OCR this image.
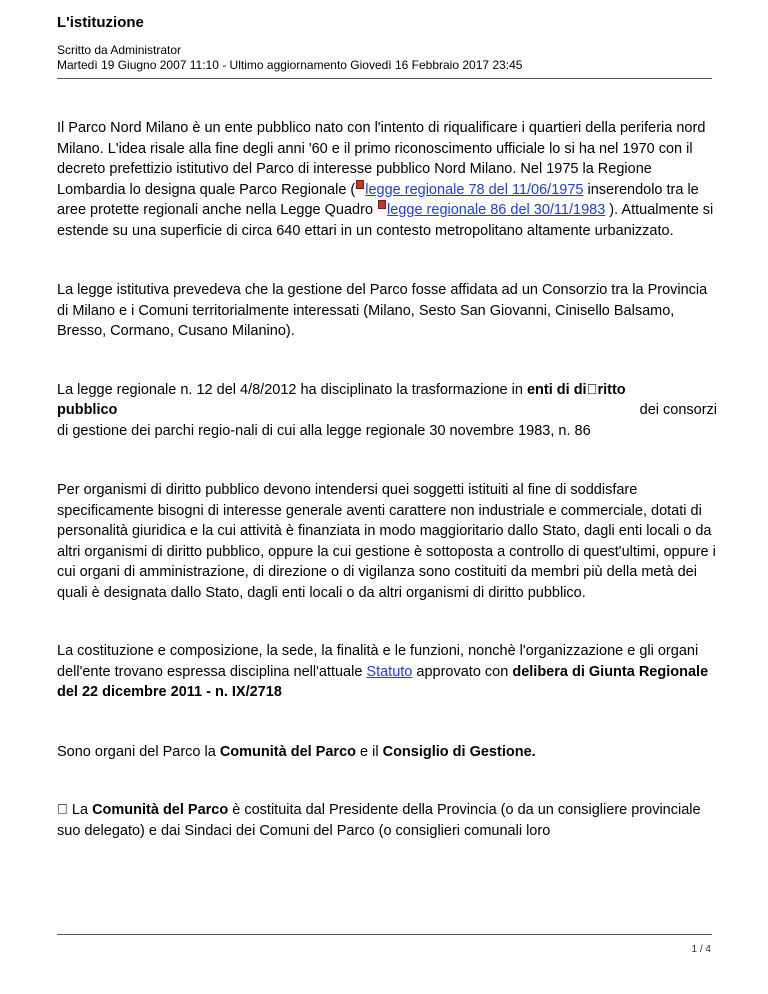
L'istituzione
Scritto da Administrator
Martedì 19 Giugno 2007 11:10 - Ultimo aggiornamento Giovedì 16 Febbraio 2017 23:45

Il Parco Nord Milano è un ente pubblico nato con l'intento di riqualificare i quartieri della periferia nord Milano. L'idea risale alla fine degli anni '60 e il primo riconoscimento ufficiale lo si ha nel 1970 con il decreto prefettizio istitutivo del Parco di interesse pubblico Nord Milano. Nel 1975 la Regione Lombardia lo designa quale Parco Regionale ( legge regionale 78 del 11/06/1975 inserendolo tra le aree protette regionali anche nella Legge Quadro legge regionale 86 del 30/11/1983 ). Attualmente si estende su una superficie di circa 640 ettari in un contesto metropolitano altamente urbanizzato.

La legge istitutiva prevedeva che la gestione del Parco fosse affidata ad un Consorzio tra la Provincia di Milano e i Comuni territorialmente interessati (Milano, Sesto San Giovanni, Cinisello Balsamo, Bresso, Cormano, Cusano Milanino).

La legge regionale n. 12 del 4/8/2012 ha disciplinato la trasformazione in enti di di ritto
pubblico	dei consorzi
di gestione dei parchi regio-nali di cui alla legge regionale 30 novembre 1983, n. 86

Per organismi di diritto pubblico devono intendersi quei soggetti istituiti al fine di soddisfare specificamente bisogni di interesse generale aventi carattere non industriale e commerciale, dotati di personalità giuridica e la cui attività è finanziata in modo maggioritario dallo Stato, dagli enti locali o da altri organismi di diritto pubblico, oppure la cui gestione è sottoposta a controllo di quest'ultimi, oppure i cui organi di amministrazione, di direzione o di vigilanza sono costituiti da membri più della metà dei quali è designata dallo Stato, dagli enti locali o da altri organismi di diritto pubblico.

La costituzione e composizione, la sede, la finalità e le funzioni, nonchè l'organizzazione e gli organi dell'ente trovano espressa disciplina nell'attuale Statuto approvato con delibera di Giunta Regionale del 22 dicembre 2011 - n. IX/2718

Sono organi del Parco la Comunità del Parco e il Consiglio di Gestione.

  La Comunità del Parco è costituita dal Presidente della Provincia (o da un consigliere provinciale suo delegato) e dai Sindaci dei Comuni del Parco (o consiglieri comunali loro

1 / 4
